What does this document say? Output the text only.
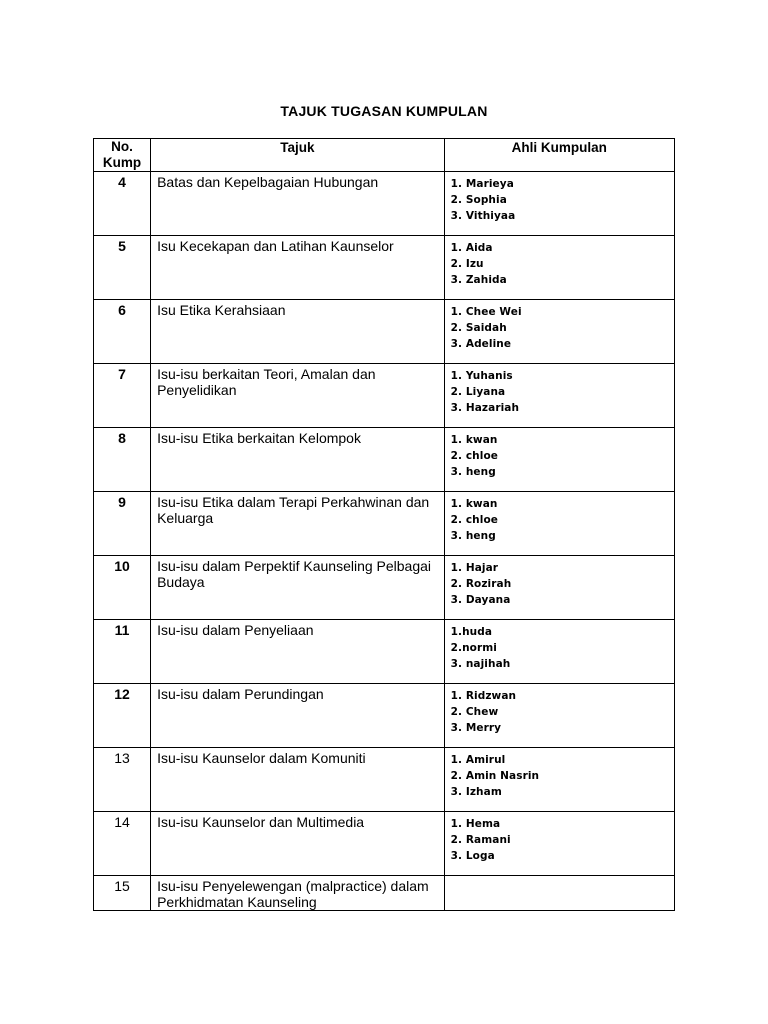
TAJUK TUGASAN KUMPULAN
No. Kump	Tajuk	Ahli Kumpulan
4	Batas dan Kepelbagaian Hubungan	1. Marieya
2. Sophia
3. Vithiyaa

5	Isu Kecekapan dan Latihan Kaunselor	1. Aida
2. Izu
3. Zahida

6	Isu Etika Kerahsiaan	1. Chee Wei
2. Saidah
3. Adeline

7	Isu-isu berkaitan Teori, Amalan dan Penyelidikan	1. Yuhanis
2. Liyana
3. Hazariah

8	Isu-isu Etika berkaitan Kelompok	1. kwan
2. chloe
3. heng

9	Isu-isu Etika dalam Terapi Perkahwinan dan Keluarga	1. kwan
2. chloe
3. heng

10	Isu-isu dalam Perpektif Kaunseling Pelbagai Budaya	1. Hajar
2. Rozirah
3. Dayana

11	Isu-isu dalam Penyeliaan	1.huda
2.normi
3. najihah

12	Isu-isu dalam Perundingan	1. Ridzwan
2. Chew
3. Merry

13	Isu-isu Kaunselor dalam Komuniti	1. Amirul
2. Amin Nasrin
3. Izham

14	Isu-isu Kaunselor dan Multimedia	1. Hema
2. Ramani
3. Loga

15	Isu-isu Penyelewengan (malpractice) dalam Perkhidmatan Kaunseling	
